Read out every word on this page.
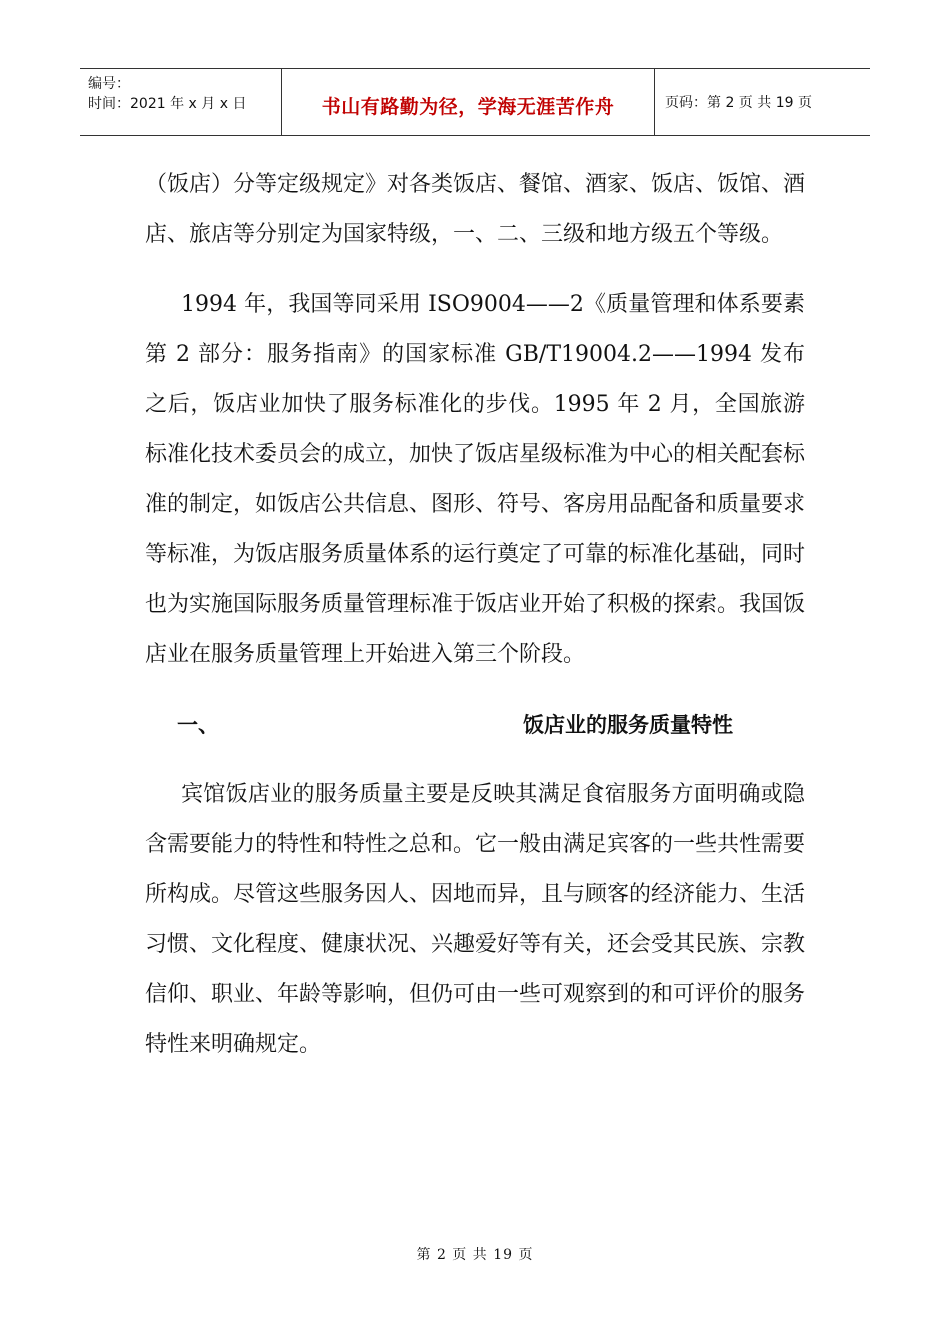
编号：
时间：2021 年 x 月 x 日	书山有路勤为径，学海无涯苦作舟	页码：第 2 页 共 19 页

（饭店）分等定级规定》对各类饭店、餐馆、酒家、饭店、饭馆、酒店、旅店等分别定为国家特级，一、二、三级和地方级五个等级。

1994 年，我国等同采用 ISO9004——2《质量管理和体系要素第 2 部分：服务指南》的国家标准 GB/T19004.2——1994 发布之后，饭店业加快了服务标准化的步伐。1995 年 2 月，全国旅游标准化技术委员会的成立，加快了饭店星级标准为中心的相关配套标准的制定，如饭店公共信息、图形、符号、客房用品配备和质量要求等标准，为饭店服务质量体系的运行奠定了可靠的标准化基础，同时也为实施国际服务质量管理标准于饭店业开始了积极的探索。我国饭店业在服务质量管理上开始进入第三个阶段。

一、	饭店业的服务质量特性

宾馆饭店业的服务质量主要是反映其满足食宿服务方面明确或隐含需要能力的特性和特性之总和。它一般由满足宾客的一些共性需要所构成。尽管这些服务因人、因地而异，且与顾客的经济能力、生活习惯、文化程度、健康状况、兴趣爱好等有关，还会受其民族、宗教信仰、职业、年龄等影响，但仍可由一些可观察到的和可评价的服务特性来明确规定。

第 2 页 共 19 页
